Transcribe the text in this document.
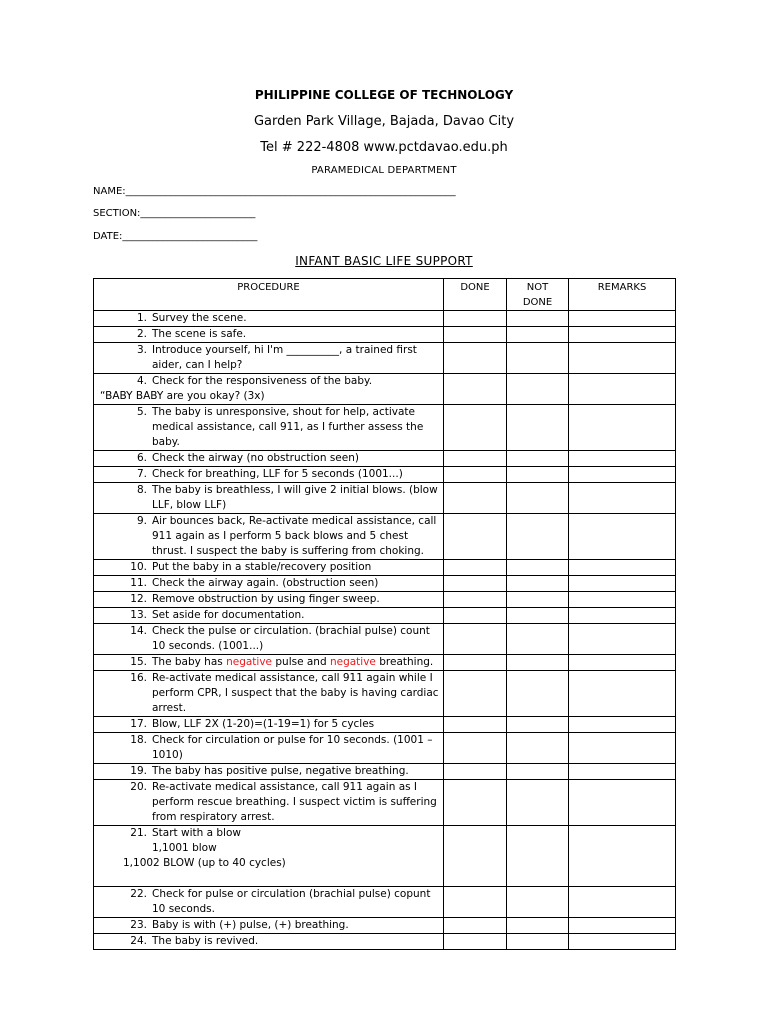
PHILIPPINE COLLEGE OF TECHNOLOGY
Garden Park Village, Bajada, Davao City
Tel # 222-4808 www.pctdavao.edu.ph
PARAMEDICAL DEPARTMENT
NAME:__________________________________________________________________
SECTION:_______________________
DATE:___________________________
INFANT BASIC LIFE SUPPORT
PROCEDURE	DONE	NOT DONE	REMARKS

1. Survey the scene.			

2. The scene is safe.			

3. Introduce yourself, hi I'm __________, a trained first aider, can I help?			

4. Check for the responsiveness of the baby.
“BABY BABY are you okay? (3x)			

5. The baby is unresponsive, shout for help, activate medical assistance, call 911, as I further assess the baby.			

6. Check the airway (no obstruction seen)			

7. Check for breathing, LLF for 5 seconds (1001...)			

8. The baby is breathless, I will give 2 initial blows. (blow LLF, blow LLF)			

9. Air bounces back, Re-activate medical assistance, call 911 again as I perform 5 back blows and 5 chest thrust. I suspect the baby is suffering from choking.			

10. Put the baby in a stable/recovery position			

11. Check the airway again. (obstruction seen)			

12. Remove obstruction by using finger sweep.			

13. Set aside for documentation.			

14. Check the pulse or circulation. (brachial pulse) count 10 seconds. (1001...)			

15. The baby has negative pulse and negative breathing.			

16. Re-activate medical assistance, call 911 again while I perform CPR, I suspect that the baby is having cardiac arrest.			

17. Blow, LLF 2X (1-20)=(1-19=1) for 5 cycles			

18. Check for circulation or pulse for 10 seconds. (1001 – 1010)			

19. The baby has positive pulse, negative breathing.			

20. Re-activate medical assistance, call 911 again as I perform rescue breathing. I suspect victim is suffering from respiratory arrest.			

21. Start with a blow
1,1001 blow
1,1002 BLOW (up to 40 cycles)			

22. Check for pulse or circulation (brachial pulse) copunt 10 seconds.			

23. Baby is with (+) pulse, (+) breathing.			

24. The baby is revived.			
